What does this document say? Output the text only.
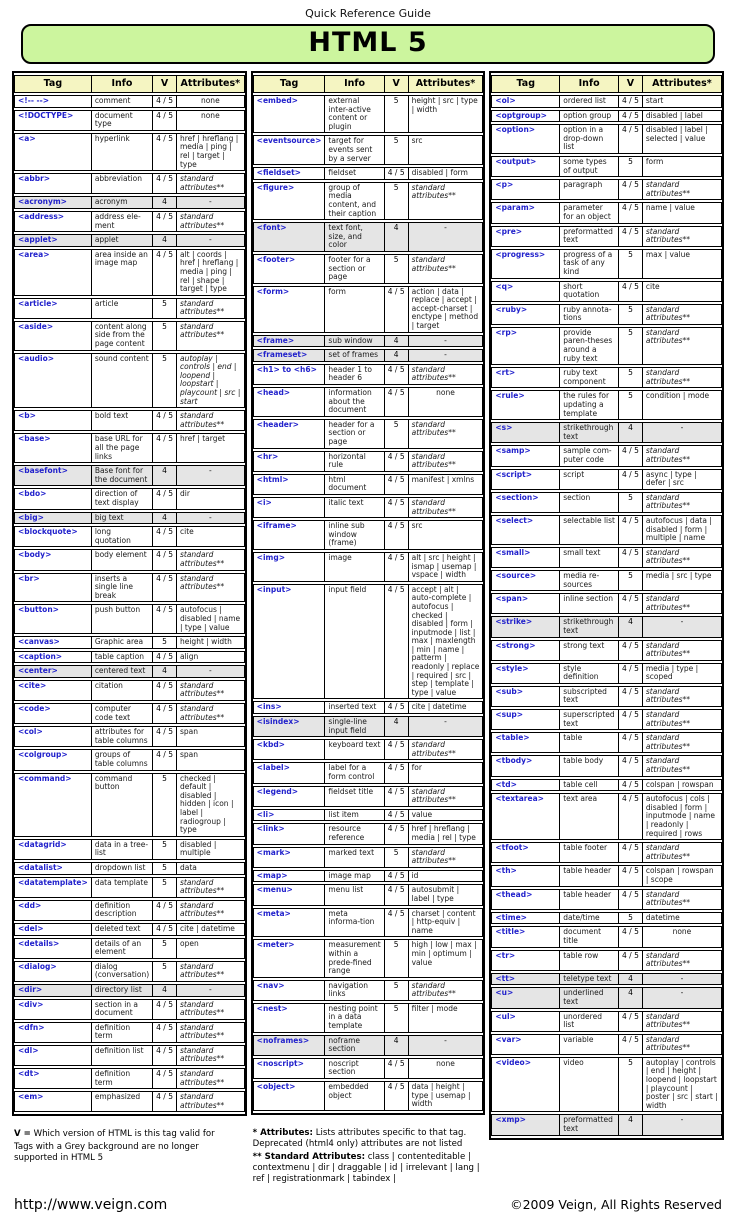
Quick Reference Guide
HTML 5
Tag	Info	V	Attributes*
<!-- -->	comment	4 / 5	none
<!DOCTYPE>	document type	4 / 5	none
<a>	hyperlink	4 / 5	href | hreflang | media | ping | rel | target | type
<abbr>	abbreviation	4 / 5	standard attributes**
<acronym>	acronym	4	-
<address>	address ele-ment	4 / 5	standard attributes**
<applet>	applet	4	-
<area>	area inside an image map	4 / 5	alt | coords | href | hreflang | media | ping | rel | shape | target | type
<article>	article	5	standard attributes**
<aside>	content along side from the page content	5	standard attributes**
<audio>	sound content	5	autoplay | controls | end | loopend | loopstart | playcount | src | start
<b>	bold text	4 / 5	standard attributes**
<base>	base URL for all the page links	4 / 5	href | target
<basefont>	Base font for the document	4	-
<bdo>	direction of text display	4 / 5	dir
<big>	big text	4	-
<blockquote>	long quotation	4 / 5	cite
<body>	body element	4 / 5	standard attributes**
<br>	inserts a single line break	4 / 5	standard attributes**
<button>	push button	4 / 5	autofocus | disabled | name | type | value
<canvas>	Graphic area	5	height | width
<caption>	table caption	4 / 5	align
<center>	centered text	4	-
<cite>	citation	4 / 5	standard attributes**
<code>	computer code text	4 / 5	standard attributes**
<col>	attributes for table columns	4 / 5	span
<colgroup>	groups of table columns	4 / 5	span
<command>	command button	5	checked | default | disabled | hidden | icon | label | radiogroup | type
<datagrid>	data in a tree-list	5	disabled | multiple
<datalist>	dropdown list	5	data
<datatemplate>	data template	5	standard attributes**
<dd>	definition description	4 / 5	standard attributes**
<del>	deleted text	4 / 5	cite | datetime
<details>	details of an element	5	open
<dialog>	dialog (conversation)	5	standard attributes**
<dir>	directory list	4	-
<div>	section in a document	4 / 5	standard attributes**
<dfn>	definition term	4 / 5	standard attributes**
<dl>	definition list	4 / 5	standard attributes**
<dt>	definition term	4 / 5	standard attributes**
<em>	emphasized	4 / 5	standard attributes**

V = Which version of HTML is this tag valid for

Tags with a Grey background are no longer supported in HTML 5

Tag	Info	V	Attributes*
<embed>	external inter-active content or plugin	5	height | src | type | width
<eventsource>	target for events sent by a server	5	src
<fieldset>	fieldset	4 / 5	disabled | form
<figure>	group of media content, and their caption	5	standard attributes**
<font>	text font, size, and color	4	-
<footer>	footer for a section or page	5	standard attributes**
<form>	form	4 / 5	action | data | replace | accept | accept-charset | enctype | method | target
<frame>	sub window	4	-
<frameset>	set of frames	4	-
<h1> to <h6>	header 1 to header 6	4 / 5	standard attributes**
<head>	information about the document	4 / 5	none
<header>	header for a section or page	5	standard attributes**
<hr>	horizontal rule	4 / 5	standard attributes**
<html>	html document	4 / 5	manifest | xmlns
<i>	italic text	4 / 5	standard attributes**
<iframe>	inline sub window (frame)	4 / 5	src
<img>	image	4 / 5	alt | src | height | ismap | usemap | vspace | width
<input>	input field	4 / 5	accept | alt | auto-complete | autofocus | checked | disabled | form | inputmode | list | max | maxlength | min | name | patterm | readonly | replace | required | src | step | template | type | value
<ins>	inserted text	4 / 5	cite | datetime
<isindex>	single-line input field	4	-
<kbd>	keyboard text	4 / 5	standard attributes**
<label>	label for a form control	4 / 5	for
<legend>	fieldset title	4 / 5	standard attributes**
<li>	list item	4 / 5	value
<link>	resource reference	4 / 5	href | hreflang | media | rel | type
<mark>	marked text	5	standard attributes**
<map>	image map	4 / 5	id
<menu>	menu list	4 / 5	autosubmit | label | type
<meta>	meta informa-tion	4 / 5	charset | content | http-equiv | name
<meter>	measurement within a prede-fined range	5	high | low | max | min | optimum | value
<nav>	navigation links	5	standard attributes**
<nest>	nesting point in a data template	5	filter | mode
<noframes>	noframe section	4	-
<noscript>	noscript section	4 / 5	none
<object>	embedded object	4 / 5	data | height | type | usemap | width

* Attributes: Lists attributes specific to that tag. Deprecated (html4 only) attributes are not listed

** Standard Attributes: class | contenteditable | contextmenu | dir | draggable | id | irrelevant | lang | ref | registrationmark | tabindex |

Tag	Info	V	Attributes*
<ol>	ordered list	4 / 5	start
<optgroup>	option group	4 / 5	disabled | label
<option>	option in a drop-down list	4 / 5	disabled | label | selected | value
<output>	some types of output	5	form
<p>	paragraph	4 / 5	standard attributes**
<param>	parameter for an object	4 / 5	name | value
<pre>	preformatted text	4 / 5	standard attributes**
<progress>	progress of a task of any kind	5	max | value
<q>	short quotation	4 / 5	cite
<ruby>	ruby annota-tions	5	standard attributes**
<rp>	provide paren-theses around a ruby text	5	standard attributes**
<rt>	ruby text component	5	standard attributes**
<rule>	the rules for updating a template	5	condition | mode
<s>	strikethrough text	4	-
<samp>	sample com-puter code	4 / 5	standard attributes**
<script>	script	4 / 5	async | type | defer | src
<section>	section	5	standard attributes**
<select>	selectable list	4 / 5	autofocus | data | disabled | form | multiple | name
<small>	small text	4 / 5	standard attributes**
<source>	media re-sources	5	media | src | type
<span>	inline section	4 / 5	standard attributes**
<strike>	strikethrough text	4	-
<strong>	strong text	4 / 5	standard attributes**
<style>	style definition	4 / 5	media | type | scoped
<sub>	subscripted text	4 / 5	standard attributes**
<sup>	superscripted text	4 / 5	standard attributes**
<table>	table	4 / 5	standard attributes**
<tbody>	table body	4 / 5	standard attributes**
<td>	table cell	4 / 5	colspan | rowspan
<textarea>	text area	4 / 5	autofocus | cols | disabled | form | inputmode | name | readonly | required | rows
<tfoot>	table footer	4 / 5	standard attributes**
<th>	table header	4 / 5	colspan | rowspan | scope
<thead>	table header	4 / 5	standard attributes**
<time>	date/time	5	datetime
<title>	document title	4 / 5	none
<tr>	table row	4 / 5	standard attributes**
<tt>	teletype text	4	-
<u>	underlined text	4	-
<ul>	unordered list	4 / 5	standard attributes**
<var>	variable	4 / 5	standard attributes**
<video>	video	5	autoplay | controls | end | height | loopend | loopstart | playcount | poster | src | start | width
<xmp>	preformatted text	4	-
http://www.veign.com	©2009 Veign, All Rights Reserved
